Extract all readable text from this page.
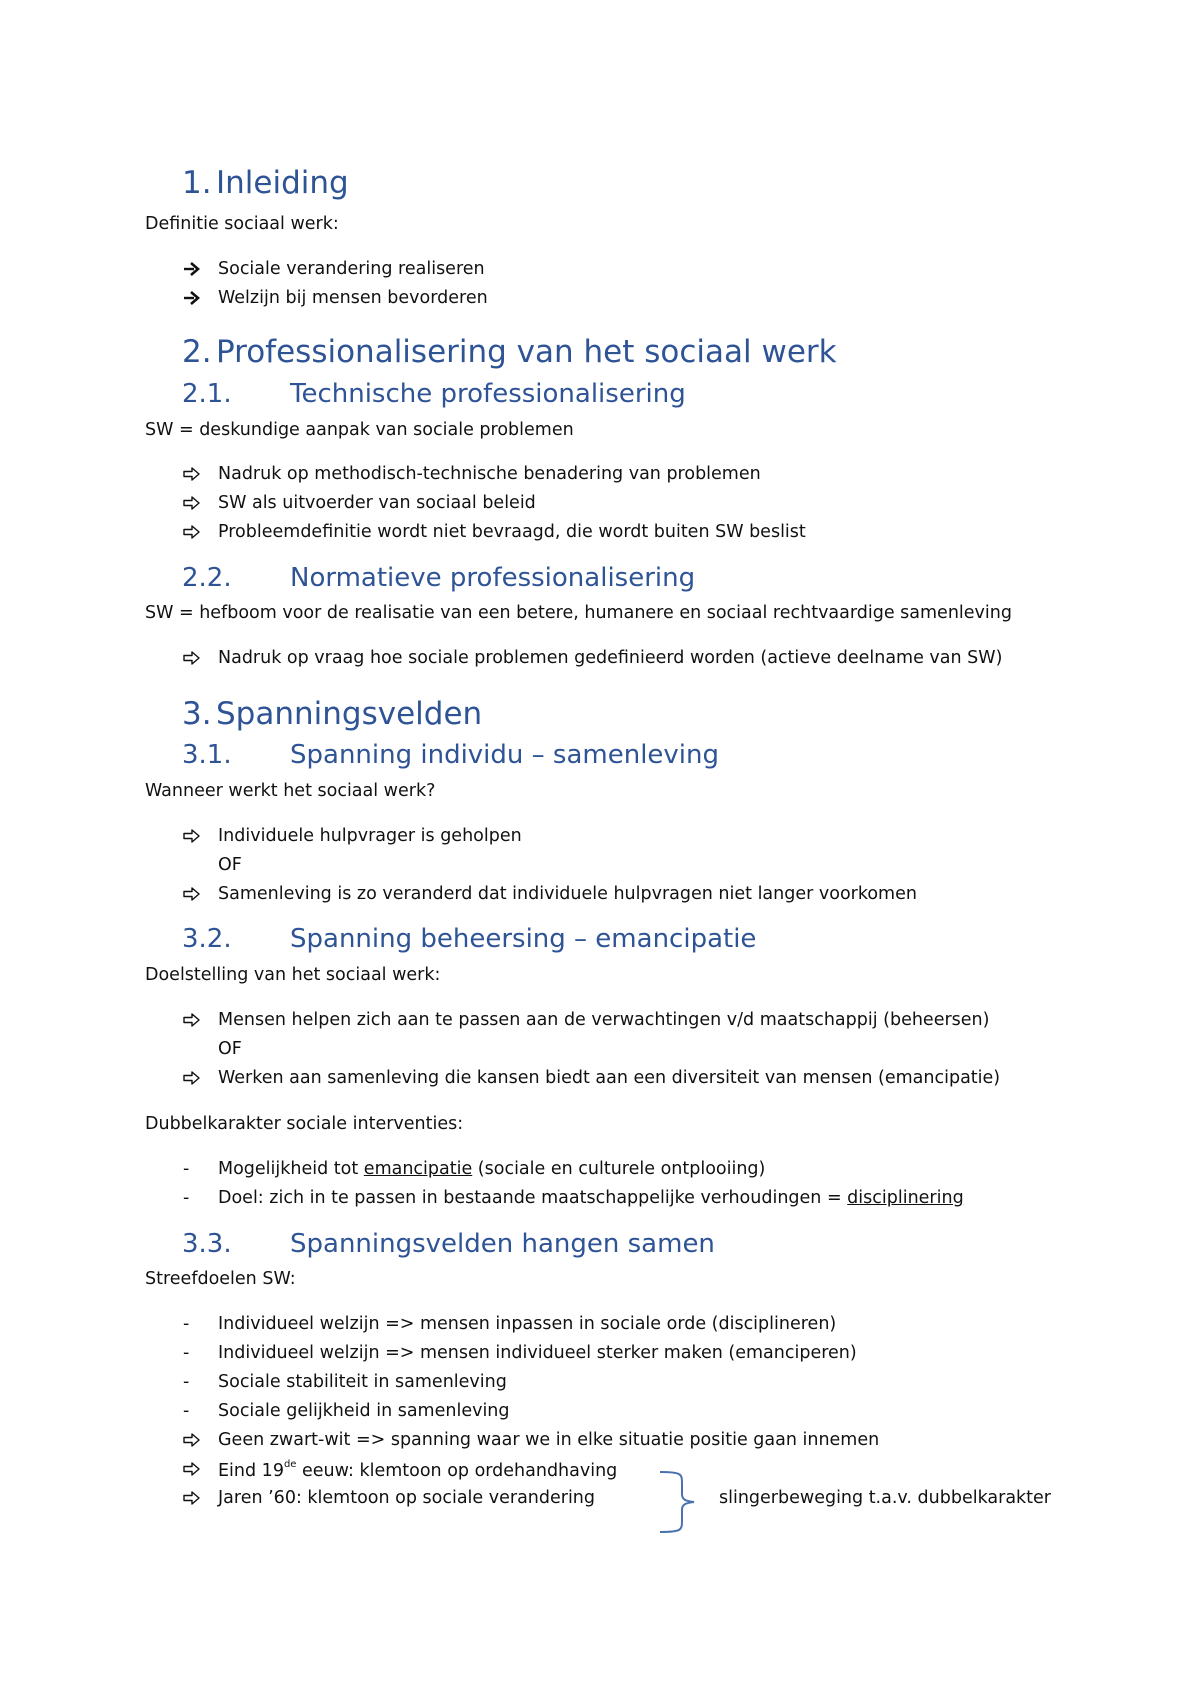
1. Inleiding
Definitie sociaal werk:
Sociale verandering realiseren
Welzijn bij mensen bevorderen
2. Professionalisering van het sociaal werk
2.1. Technische professionalisering
SW = deskundige aanpak van sociale problemen
Nadruk op methodisch-technische benadering van problemen
SW als uitvoerder van sociaal beleid
Probleemdefinitie wordt niet bevraagd, die wordt buiten SW beslist
2.2. Normatieve professionalisering
SW = hefboom voor de realisatie van een betere, humanere en sociaal rechtvaardige samenleving
Nadruk op vraag hoe sociale problemen gedefinieerd worden (actieve deelname van SW)
3. Spanningsvelden
3.1. Spanning individu – samenleving
Wanneer werkt het sociaal werk?
Individuele hulpvrager is geholpen
OF
Samenleving is zo veranderd dat individuele hulpvragen niet langer voorkomen
3.2. Spanning beheersing – emancipatie
Doelstelling van het sociaal werk:
Mensen helpen zich aan te passen aan de verwachtingen v/d maatschappij (beheersen)
OF
Werken aan samenleving die kansen biedt aan een diversiteit van mensen (emancipatie)
Dubbelkarakter sociale interventies:
-	Mogelijkheid tot emancipatie (sociale en culturele ontplooiing)
-	Doel: zich in te passen in bestaande maatschappelijke verhoudingen = disciplinering
3.3. Spanningsvelden hangen samen
Streefdoelen SW:
-	Individueel welzijn => mensen inpassen in sociale orde (disciplineren)
-	Individueel welzijn => mensen individueel sterker maken (emanciperen)
-	Sociale stabiliteit in samenleving
-	Sociale gelijkheid in samenleving
Geen zwart-wit => spanning waar we in elke situatie positie gaan innemen
Eind 19de eeuw: klemtoon op ordehandhaving
Jaren ’60: klemtoon op sociale verandering	slingerbeweging t.a.v. dubbelkarakter
